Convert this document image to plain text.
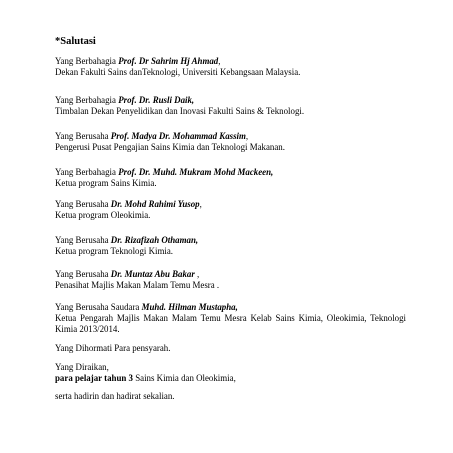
*Salutasi
Yang Berbahagia Prof. Dr Sahrim Hj Ahmad,
Dekan Fakulti Sains danTeknologi, Universiti Kebangsaan Malaysia.
Yang Berbahagia Prof. Dr. Rusli Daik,
Timbalan Dekan Penyelidikan dan Inovasi Fakulti Sains & Teknologi.
Yang Berusaha Prof. Madya Dr. Mohammad Kassim,
Pengerusi Pusat Pengajian Sains Kimia dan Teknologi Makanan.
Yang Berbahagia Prof. Dr. Muhd. Mukram Mohd Mackeen,
Ketua program Sains Kimia.
Yang Berusaha Dr. Mohd Rahimi Yusop,
Ketua program Oleokimia.
Yang Berusaha Dr. Rizafizah Othaman,
Ketua program Teknologi Kimia.
Yang Berusaha Dr. Muntaz Abu Bakar ,
Penasihat Majlis Makan Malam Temu Mesra .
Yang Berusaha Saudara Muhd. Hilman Mustapha,
Ketua Pengarah Majlis Makan Malam Temu Mesra Kelab Sains Kimia, Oleokimia, Teknologi Kimia 2013/2014.
Yang Dihormati Para pensyarah.
Yang Diraikan,
para pelajar tahun 3 Sains Kimia dan Oleokimia,
serta hadirin dan hadirat sekalian.
